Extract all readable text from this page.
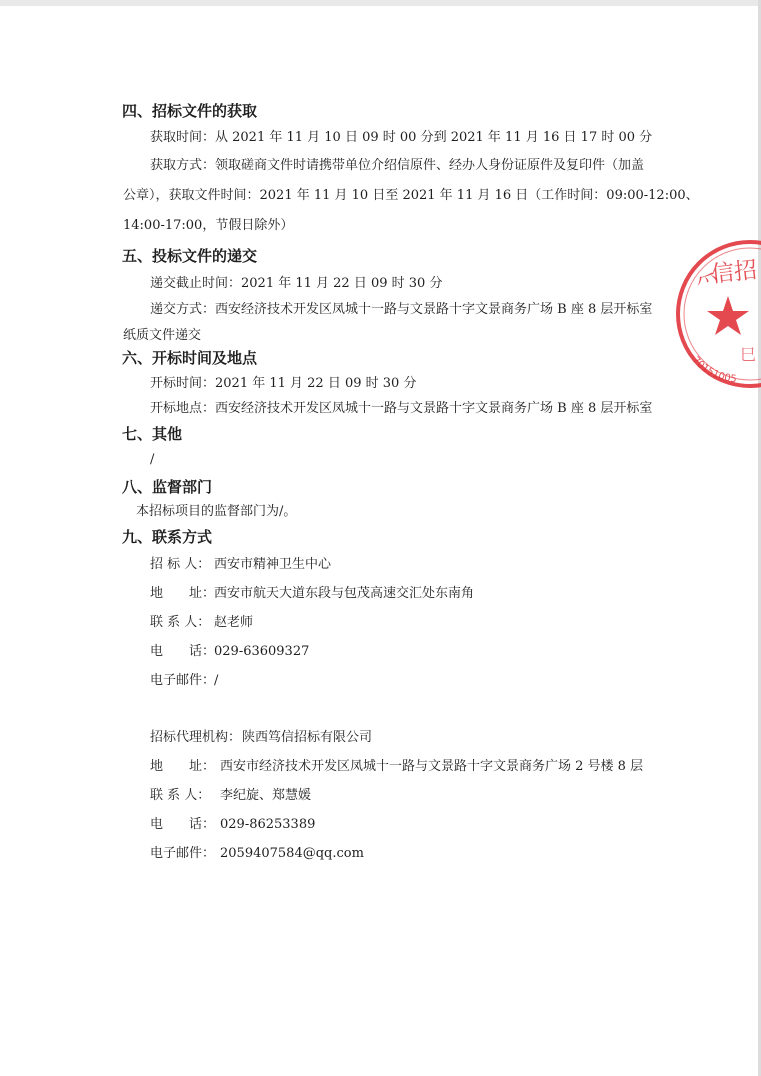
四、招标文件的获取
获取时间：从 2021 年 11 月 10 日 09 时 00 分到 2021 年 11 月 16 日 17 时 00 分
获取方式：领取磋商文件时请携带单位介绍信原件、经办人身份证原件及复印件（加盖
公章），获取文件时间：2021 年 11 月 10 日至 2021 年 11 月 16 日（工作时间：09:00-12:00、
14:00-17:00，节假日除外）
五、投标文件的递交
递交截止时间：2021 年 11 月 22 日 09 时 30 分
递交方式：西安经济技术开发区凤城十一路与文景路十字文景商务广场 B 座 8 层开标室
纸质文件递交
六、开标时间及地点
开标时间：2021 年 11 月 22 日 09 时 30 分
开标地点：西安经济技术开发区凤城十一路与文景路十字文景商务广场 B 座 8 层开标室
七、其他
/
八、监督部门
本招标项目的监督部门为/。
九、联系方式
招 标 人： 西安市精神卫生中心
地　　址：西安市航天大道东段与包茂高速交汇处东南角
联 系 人： 赵老师
电　　话：029-63609327
电子邮件：/
招标代理机构：陕西笃信招标有限公司
地　　址： 西安市经济技术开发区凤城十一路与文景路十字文景商务广场 2 号楼 8 层
联 系 人： 李纪旋、郑慧媛
电　　话： 029-86253389
电子邮件： 2059407584@qq.com
⺤
信招
70151005
巳
